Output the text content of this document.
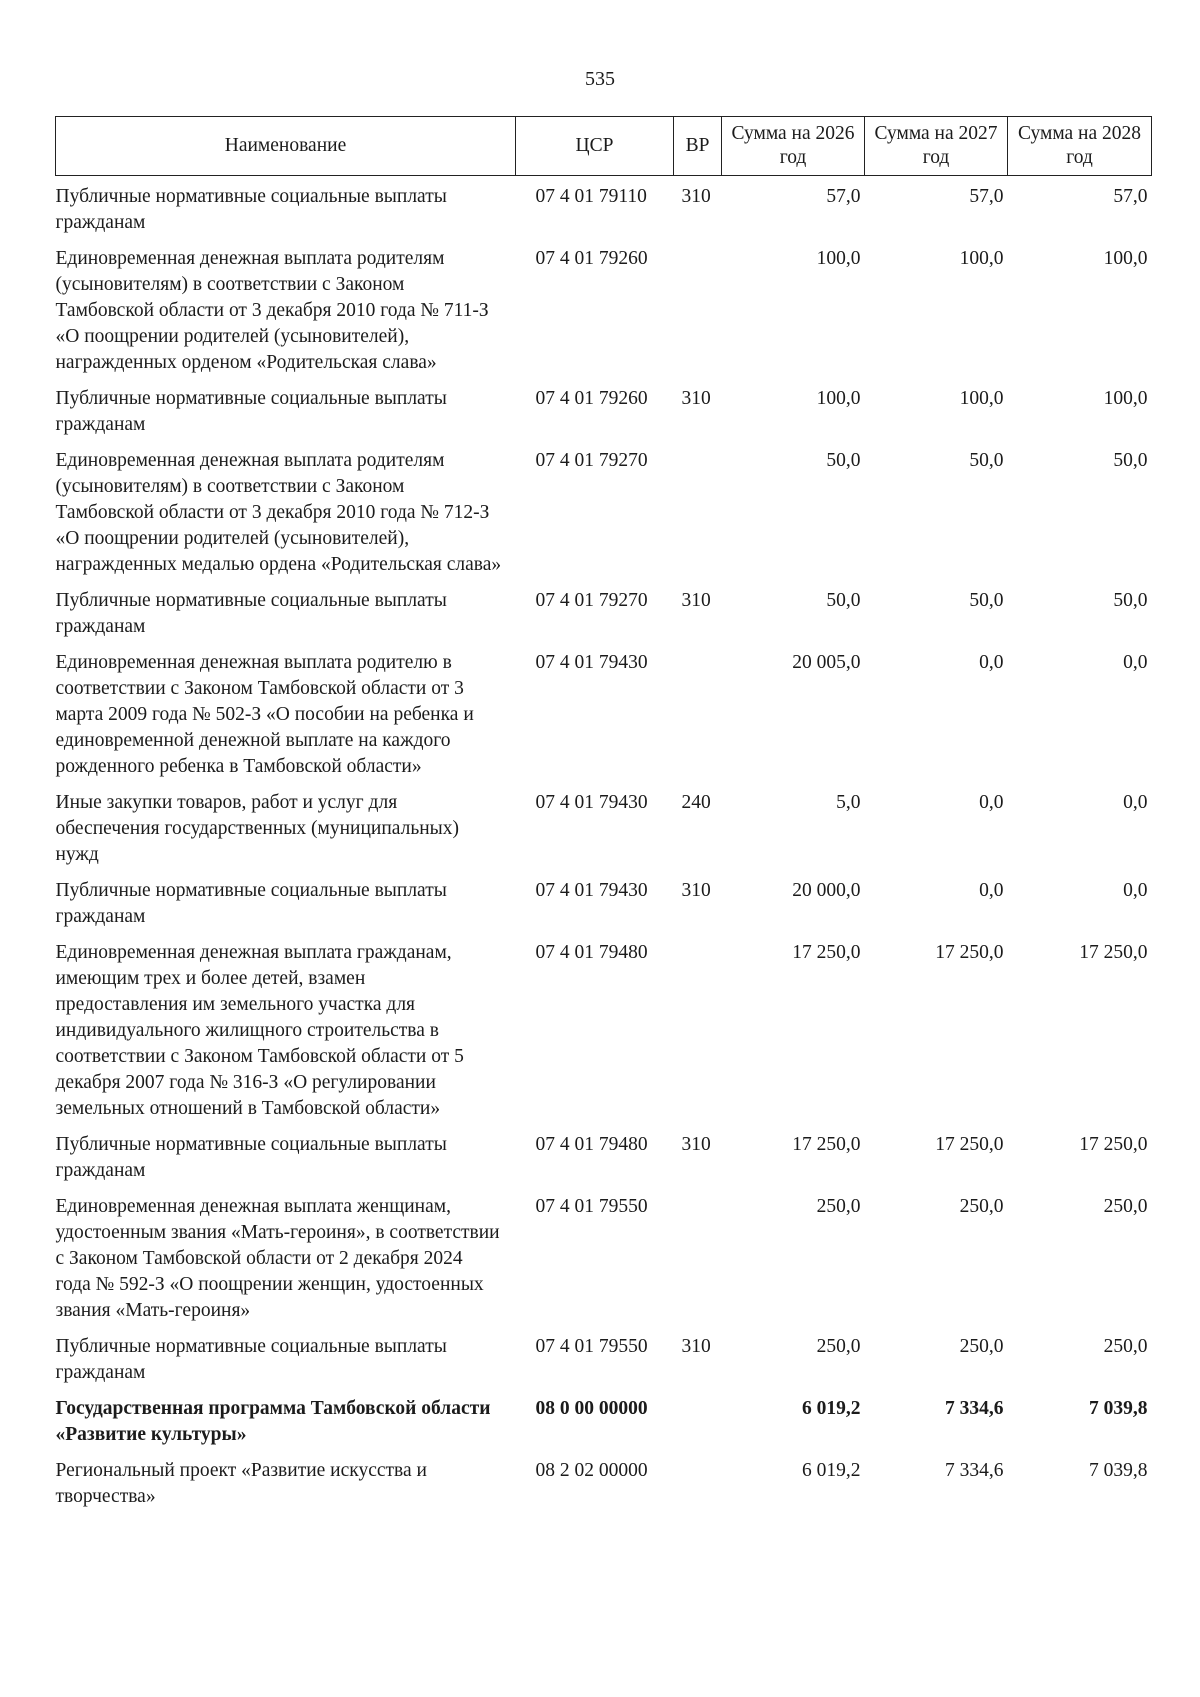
535
Наименование	ЦСР	ВР	Сумма на 2026 год	Сумма на 2027 год	Сумма на 2028 год
Публичные нормативные социальные выплаты гражданам	07 4 01 79110	310	57,0	57,0	57,0
Единовременная денежная выплата родителям (усыновителям) в соответствии с Законом Тамбовской области от 3 декабря 2010 года № 711-З «О поощрении родителей (усыновителей), награжденных орденом «Родительская слава»	07 4 01 79260		100,0	100,0	100,0
Публичные нормативные социальные выплаты гражданам	07 4 01 79260	310	100,0	100,0	100,0
Единовременная денежная выплата родителям (усыновителям) в соответствии с Законом Тамбовской области от 3 декабря 2010 года № 712-З «О поощрении родителей (усыновителей), награжденных медалью ордена «Родительская слава»	07 4 01 79270		50,0	50,0	50,0
Публичные нормативные социальные выплаты гражданам	07 4 01 79270	310	50,0	50,0	50,0
Единовременная денежная выплата родителю в соответствии с Законом Тамбовской области от 3 марта 2009 года № 502-З «О пособии на ребенка и единовременной денежной выплате на каждого рожденного ребенка в Тамбовской области»	07 4 01 79430		20 005,0	0,0	0,0
Иные закупки товаров, работ и услуг для обеспечения государственных (муниципальных) нужд	07 4 01 79430	240	5,0	0,0	0,0
Публичные нормативные социальные выплаты гражданам	07 4 01 79430	310	20 000,0	0,0	0,0
Единовременная денежная выплата гражданам, имеющим трех и более детей, взамен предоставления им земельного участка для индивидуального жилищного строительства в соответствии с Законом Тамбовской области от 5 декабря 2007 года № 316-З «О регулировании земельных отношений в Тамбовской области»	07 4 01 79480		17 250,0	17 250,0	17 250,0
Публичные нормативные социальные выплаты гражданам	07 4 01 79480	310	17 250,0	17 250,0	17 250,0
Единовременная денежная выплата женщинам, удостоенным звания «Мать-героиня», в соответствии с Законом Тамбовской области от 2 декабря 2024 года № 592-З «О поощрении женщин, удостоенных звания «Мать-героиня»	07 4 01 79550		250,0	250,0	250,0
Публичные нормативные социальные выплаты гражданам	07 4 01 79550	310	250,0	250,0	250,0
Государственная программа Тамбовской области «Развитие культуры»	08 0 00 00000		6 019,2	7 334,6	7 039,8
Региональный проект «Развитие искусства и творчества»	08 2 02 00000		6 019,2	7 334,6	7 039,8
